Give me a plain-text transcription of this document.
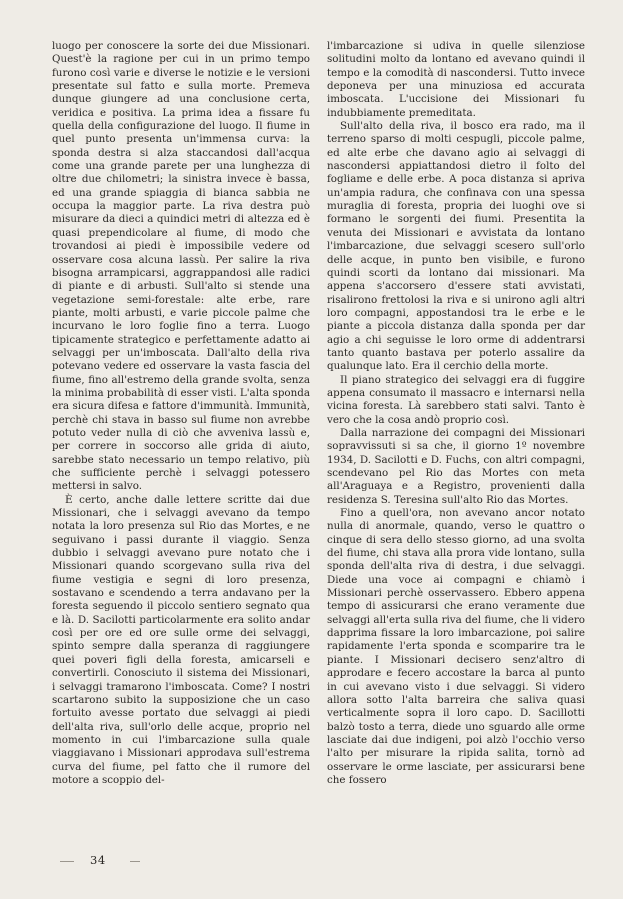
luogo per conoscere la sorte dei due Missionari. Quest'è la ragione per cui in un primo tempo furono così varie e diverse le notizie e le versioni presentate sul fatto e sulla morte. Premeva dunque giungere ad una conclusione certa, veridica e positiva. La prima idea a fissare fu quella della configurazione del luogo. Il fiume in quel punto presenta un'immensa curva: la sponda destra si alza staccandosi dall'acqua come una grande parete per una lunghezza di oltre due chilometri; la sinistra invece è bassa, ed una grande spiaggia di bianca sabbia ne occupa la maggior parte. La riva destra può misurare da dieci a quindici metri di altezza ed è quasi prependicolare al fiume, di modo che trovandosi ai piedi è impossibile vedere od osservare cosa alcuna lassù. Per salire la riva bisogna arrampicarsi, aggrappandosi alle radici di piante e di arbusti. Sull'alto si stende una vegetazione semi-forestale: alte erbe, rare piante, molti arbusti, e varie piccole palme che incurvano le loro foglie fino a terra. Luogo tipicamente strategico e perfettamente adatto ai selvaggi per un'imboscata. Dall'alto della riva potevano vedere ed osservare la vasta fascia del fiume, fino all'estremo della grande svolta, senza la minima probabilità di esser visti. L'alta sponda era sicura difesa e fattore d'immunità. Immunità, perchè chi stava in basso sul fiume non avrebbe potuto veder nulla di ciò che avveniva lassù e, per correre in soccorso alle grida di aiuto, sarebbe stato necessario un tempo relativo, più che sufficiente perchè i selvaggi potessero mettersi in salvo.

È certo, anche dalle lettere scritte dai due Missionari, che i selvaggi avevano da tempo notata la loro presenza sul Rio das Mortes, e ne seguivano i passi durante il viaggio. Senza dubbio i selvaggi avevano pure notato che i Missionari quando scorgevano sulla riva del fiume vestigia e segni di loro presenza, sostavano e scendendo a terra andavano per la foresta seguendo il piccolo sentiero segnato qua e là. D. Sacilotti particolarmente era solito andar così per ore ed ore sulle orme dei selvaggi, spinto sempre dalla speranza di raggiungere quei poveri figli della foresta, amicarseli e convertirli. Conosciuto il sistema dei Missionari, i selvaggi tramarono l'imboscata. Come? I nostri scartarono subito la supposizione che un caso fortuito avesse portato due selvaggi ai piedi dell'alta riva, sull'orlo delle acque, proprio nel momento in cui l'imbarcazione sulla quale viaggiavano i Missionari approdava sull'estrema curva del fiume, pel fatto che il rumore del motore a scoppio del-

l'imbarcazione si udiva in quelle silenziose solitudini molto da lontano ed avevano quindi il tempo e la comodità di nascondersi. Tutto invece deponeva per una minuziosa ed accurata imboscata. L'uccisione dei Missionari fu indubbiamente premeditata.

Sull'alto della riva, il bosco era rado, ma il terreno sparso di molti cespugli, piccole palme, ed alte erbe che davano agio ai selvaggi di nascondersi appiattandosi dietro il folto del fogliame e delle erbe. A poca distanza si apriva un'ampia radura, che confinava con una spessa muraglia di foresta, propria dei luoghi ove si formano le sorgenti dei fiumi. Presentita la venuta dei Missionari e avvistata da lontano l'imbarcazione, due selvaggi scesero sull'orlo delle acque, in punto ben visibile, e furono quindi scorti da lontano dai missionari. Ma appena s'accorsero d'essere stati avvistati, risalirono frettolosi la riva e si unirono agli altri loro compagni, appostandosi tra le erbe e le piante a piccola distanza dalla sponda per dar agio a chi seguisse le loro orme di addentrarsi tanto quanto bastava per poterlo assalire da qualunque lato. Era il cerchio della morte.

Il piano strategico dei selvaggi era di fuggire appena consumato il massacro e internarsi nella vicina foresta. Là sarebbero stati salvi. Tanto è vero che la cosa andò proprio così.

Dalla narrazione dei compagni dei Missionari sopravvissuti si sa che, il giorno 1º novembre 1934, D. Sacilotti e D. Fuchs, con altri compagni, scendevano pel Rio das Mortes con meta all'Araguaya e a Registro, provenienti dalla residenza S. Teresina sull'alto Rio das Mortes.

Fino a quell'ora, non avevano ancor notato nulla di anormale, quando, verso le quattro o cinque di sera dello stesso giorno, ad una svolta del fiume, chi stava alla prora vide lontano, sulla sponda dell'alta riva di destra, i due selvaggi. Diede una voce ai compagni e chiamò i Missionari perchè osservassero. Ebbero appena tempo di assicurarsi che erano veramente due selvaggi all'erta sulla riva del fiume, che li videro dapprima fissare la loro imbarcazione, poi salire rapidamente l'erta sponda e scomparire tra le piante. I Missionari decisero senz'altro di approdare e fecero accostare la barca al punto in cui avevano visto i due selvaggi. Si videro allora sotto l'alta barreira che saliva quasi verticalmente sopra il loro capo. D. Sacillotti balzò tosto a terra, diede uno sguardo alle orme lasciate dai due indigeni, poi alzò l'occhio verso l'alto per misurare la ripida salita, tornò ad osservare le orme lasciate, per assicurarsi bene che fossero

34
